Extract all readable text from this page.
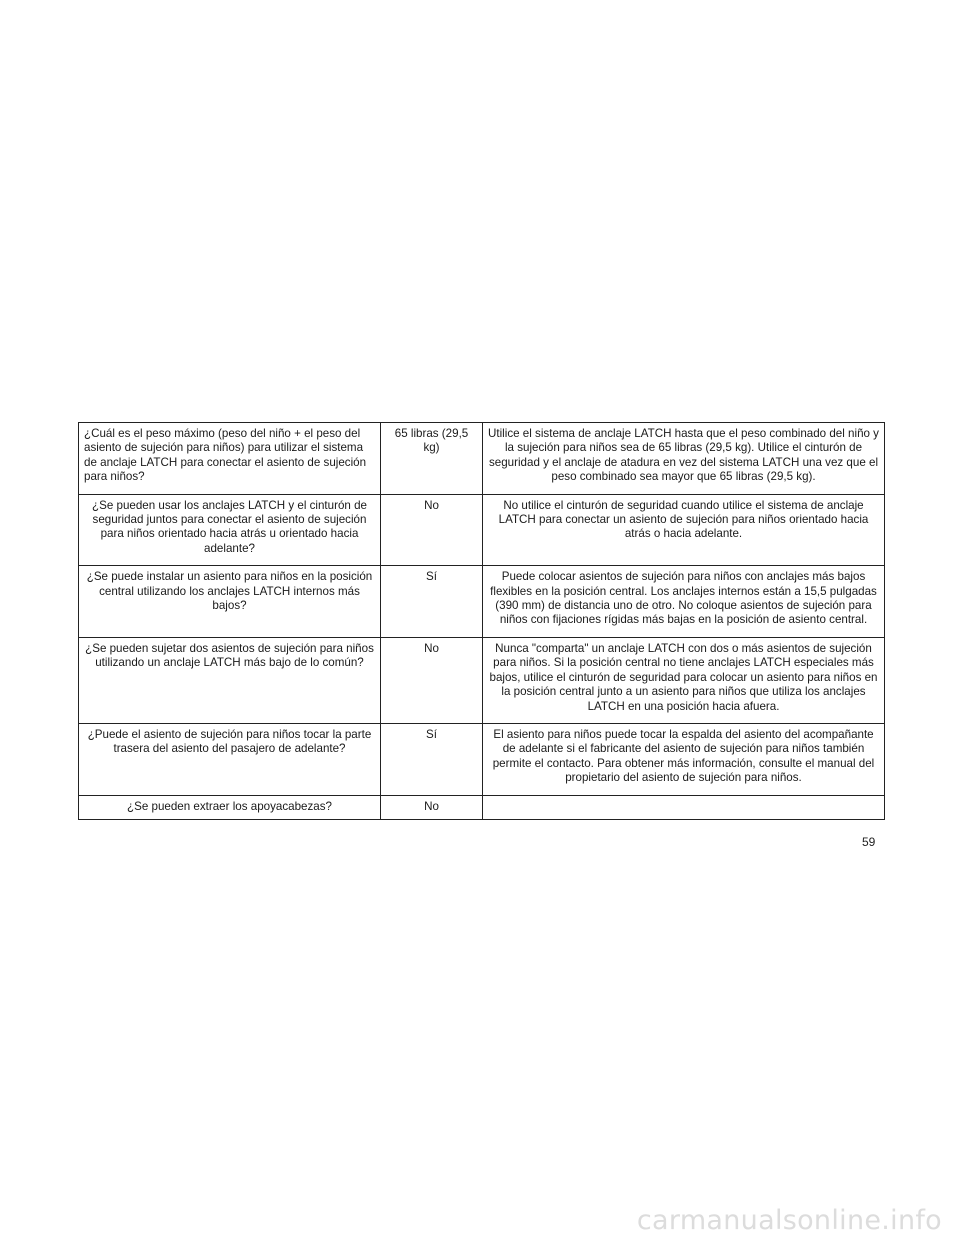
¿Cuál es el peso máximo (peso del niño + el peso del asiento de sujeción para niños) para utilizar el sistema de anclaje LATCH para conectar el asiento de sujeción para niños?	65 libras (29,5 kg)	Utilice el sistema de anclaje LATCH hasta que el peso combinado del niño y la sujeción para niños sea de 65 libras (29,5 kg). Utilice el cinturón de seguridad y el anclaje de atadura en vez del sistema LATCH una vez que el peso combinado sea mayor que 65 libras (29,5 kg).
¿Se pueden usar los anclajes LATCH y el cinturón de seguridad juntos para conectar el asiento de sujeción para niños orientado hacia atrás u orientado hacia adelante?	No	No utilice el cinturón de seguridad cuando utilice el sistema de anclaje LATCH para conectar un asiento de sujeción para niños orientado hacia atrás o hacia adelante.
¿Se puede instalar un asiento para niños en la posición central utilizando los anclajes LATCH internos más bajos?	Sí	Puede colocar asientos de sujeción para niños con anclajes más bajos flexibles en la posición central. Los anclajes internos están a 15,5 pulgadas (390 mm) de distancia uno de otro. No coloque asientos de sujeción para niños con fijaciones rígidas más bajas en la posición de asiento central.
¿Se pueden sujetar dos asientos de sujeción para niños utilizando un anclaje LATCH más bajo de lo común?	No	Nunca "comparta" un anclaje LATCH con dos o más asientos de sujeción para niños. Si la posición central no tiene anclajes LATCH especiales más bajos, utilice el cinturón de seguridad para colocar un asiento para niños en la posición central junto a un asiento para niños que utiliza los anclajes LATCH en una posición hacia afuera.
¿Puede el asiento de sujeción para niños tocar la parte trasera del asiento del pasajero de adelante?	Sí	El asiento para niños puede tocar la espalda del asiento del acompañante de adelante si el fabricante del asiento de sujeción para niños también permite el contacto. Para obtener más información, consulte el manual del propietario del asiento de sujeción para niños.
¿Se pueden extraer los apoyacabezas?	No	
59
carmanualsonline.info
